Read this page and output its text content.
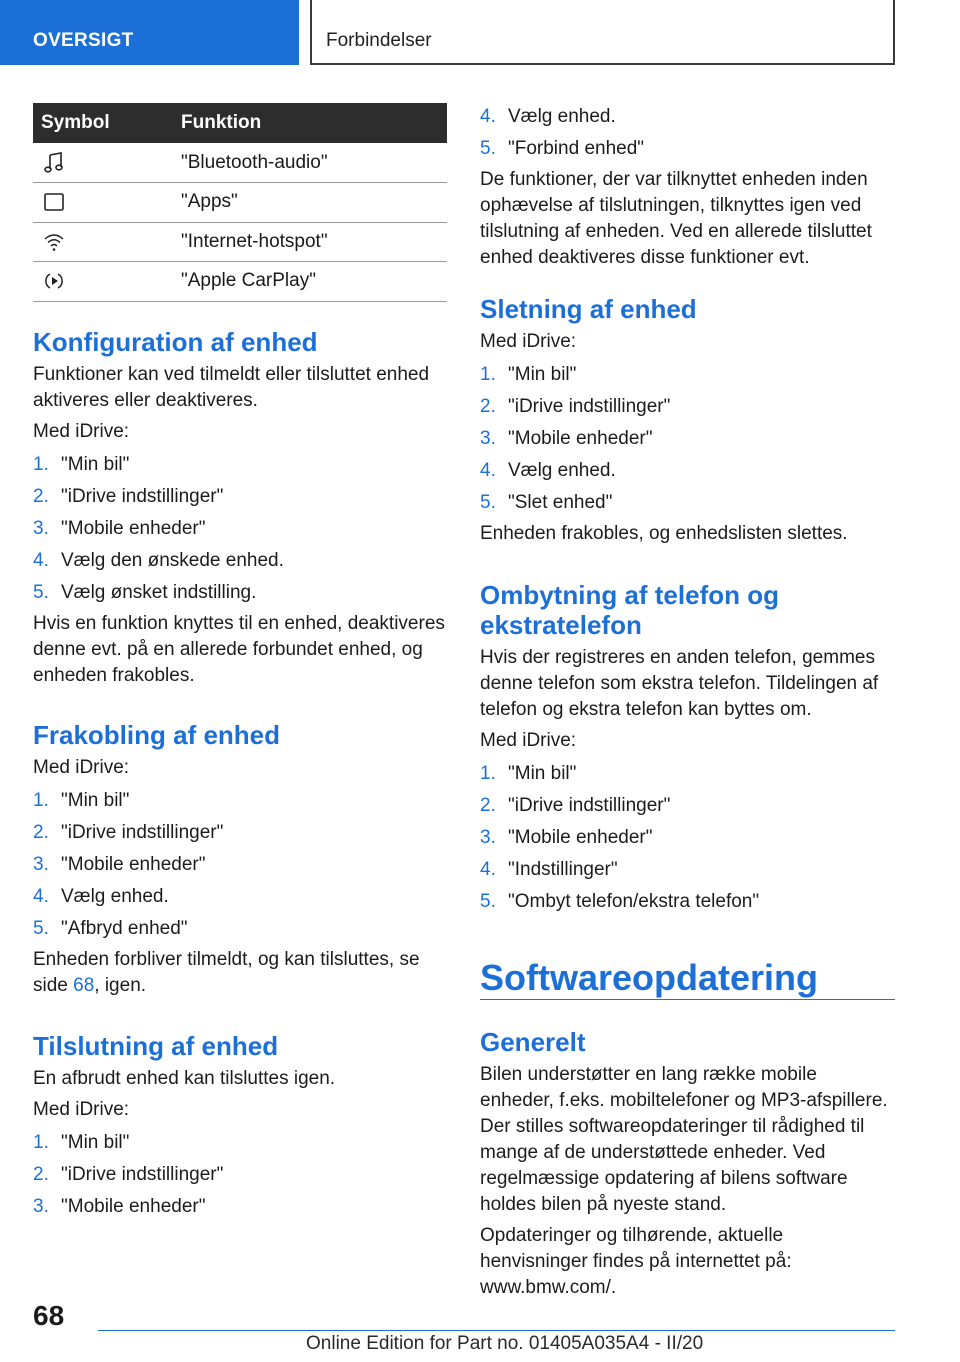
OVERSIGT	Forbindelser
Symbol	Funktion

	"Bluetooth-audio"

	"Apps"

	"Internet-hotspot"

	"Apple CarPlay"
Konfiguration af enhed

Funktioner kan ved tilmeldt eller tilsluttet enhed aktiveres eller deaktiveres.

Med iDrive:

1. "Min bil"
2. "iDrive indstillinger"
3. "Mobile enheder"
4. Vælg den ønskede enhed.
5. Vælg ønsket indstilling.

Hvis en funktion knyttes til en enhed, deaktiveres denne evt. på en allerede forbundet enhed, og enheden frakobles.

Frakobling af enhed

Med iDrive:

1. "Min bil"
2. "iDrive indstillinger"
3. "Mobile enheder"
4. Vælg enhed.
5. "Afbryd enhed"

Enheden forbliver tilmeldt, og kan tilsluttes, se side 68, igen.

Tilslutning af enhed

En afbrudt enhed kan tilsluttes igen.

Med iDrive:

1. "Min bil"
2. "iDrive indstillinger"
3. "Mobile enheder"
4. Vælg enhed.
5. "Forbind enhed"

De funktioner, der var tilknyttet enheden inden ophævelse af tilslutningen, tilknyttes igen ved tilslutning af enheden. Ved en allerede tilsluttet enhed deaktiveres disse funktioner evt.

Sletning af enhed

Med iDrive:

1. "Min bil"
2. "iDrive indstillinger"
3. "Mobile enheder"
4. Vælg enhed.
5. "Slet enhed"

Enheden frakobles, og enhedslisten slettes.

Ombytning af telefon og
ekstratelefon

Hvis der registreres en anden telefon, gemmes denne telefon som ekstra telefon. Tildelingen af telefon og ekstra telefon kan byttes om.

Med iDrive:

1. "Min bil"
2. "iDrive indstillinger"
3. "Mobile enheder"
4. "Indstillinger"
5. "Ombyt telefon/ekstra telefon"
Softwareopdatering
Generelt

Bilen understøtter en lang række mobile enheder, f.eks. mobiltelefoner og MP3-afspillere. Der stilles softwareopdateringer til rådighed til mange af de understøttede enheder. Ved regelmæssige opdatering af bilens software holdes bilen på nyeste stand.

Opdateringer og tilhørende, aktuelle henvisninger findes på internettet på: www.bmw.com/.

68
Online Edition for Part no. 01405A035A4 - II/20
